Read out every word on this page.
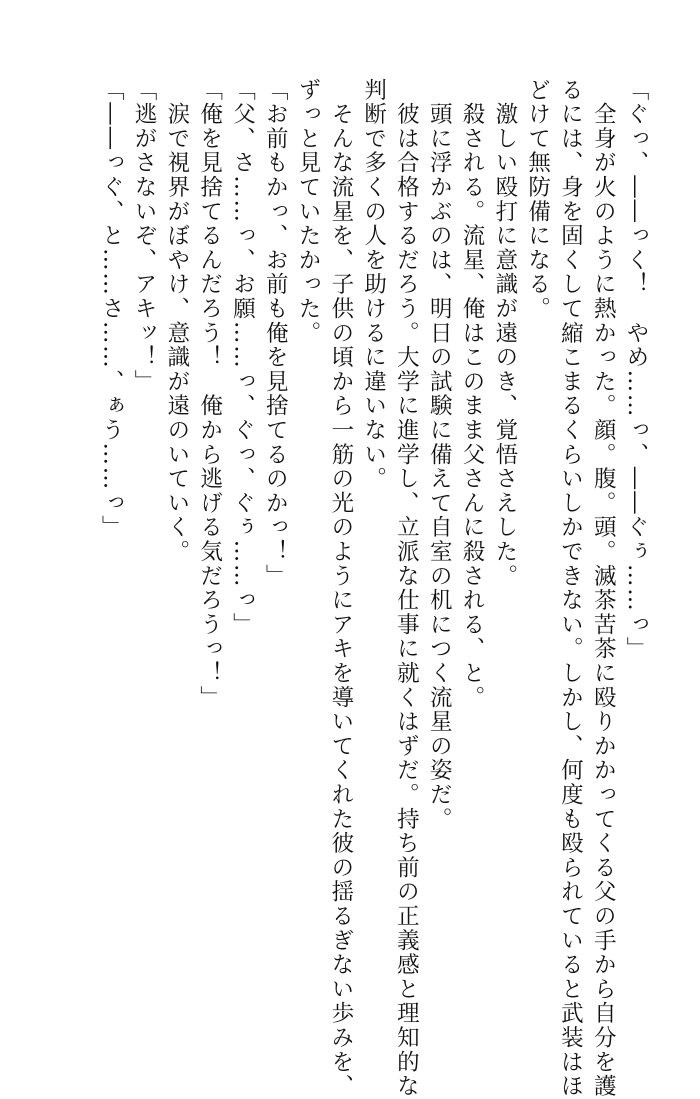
「ぐっ、――っく！　やめ……っ、――ぐぅ……っ」
　全身が火のように熱かった。顔。腹。頭。滅茶苦茶に殴りかかってくる父の手から自分を護
るには、身を固くして縮こまるくらいしかできない。しかし、何度も殴られていると武装はほ
どけて無防備になる。
　激しい殴打に意識が遠のき、覚悟さえした。
　殺される。流星、俺はこのまま父さんに殺される、と。
　頭に浮かぶのは、明日の試験に備えて自室の机につく流星の姿だ。
　彼は合格するだろう。大学に進学し、立派な仕事に就くはずだ。持ち前の正義感と理知的な
判断で多くの人を助けるに違いない。
　そんな流星を、子供の頃から一筋の光のようにアキを導いてくれた彼の揺るぎない歩みを、
ずっと見ていたかった。
「お前もかっ、お前も俺を見捨てるのかっ！」
「父、さ……っ、お願……っ、ぐっ、ぐぅ……っ」
「俺を見捨てるんだろう！　俺から逃げる気だろうっ！」
　涙で視界がぼやけ、意識が遠のいていく。
「逃がさないぞ、アキッ！」
「――っぐ、と……さ……、ぁう……っ」
